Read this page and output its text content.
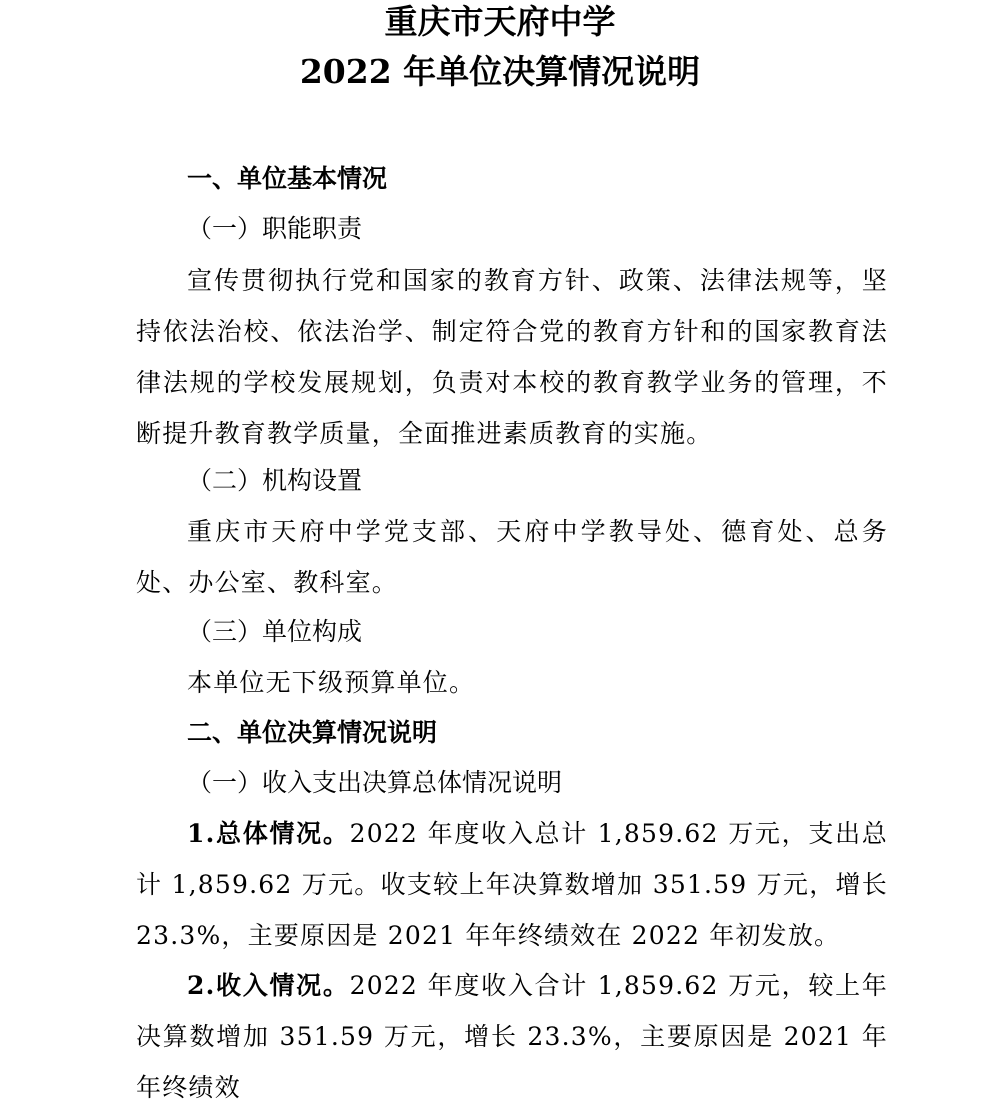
重庆市天府中学
2022 年单位决算情况说明
一、单位基本情况
（一）职能职责

宣传贯彻执行党和国家的教育方针、政策、法律法规等，坚持依法治校、依法治学、制定符合党的教育方针和的国家教育法律法规的学校发展规划，负责对本校的教育教学业务的管理，不断提升教育教学质量，全面推进素质教育的实施。

（二）机构设置

重庆市天府中学党支部、天府中学教导处、德育处、总务处、办公室、教科室。

（三）单位构成

本单位无下级预算单位。

二、单位决算情况说明
（一）收入支出决算总体情况说明

1.总体情况。2022 年度收入总计 1,859.62 万元，支出总计 1,859.62 万元。收支较上年决算数增加 351.59 万元，增长 23.3%，主要原因是 2021 年年终绩效在 2022 年初发放。

2.收入情况。2022 年度收入合计 1,859.62 万元，较上年决算数增加 351.59 万元，增长 23.3%，主要原因是 2021 年年终绩效
